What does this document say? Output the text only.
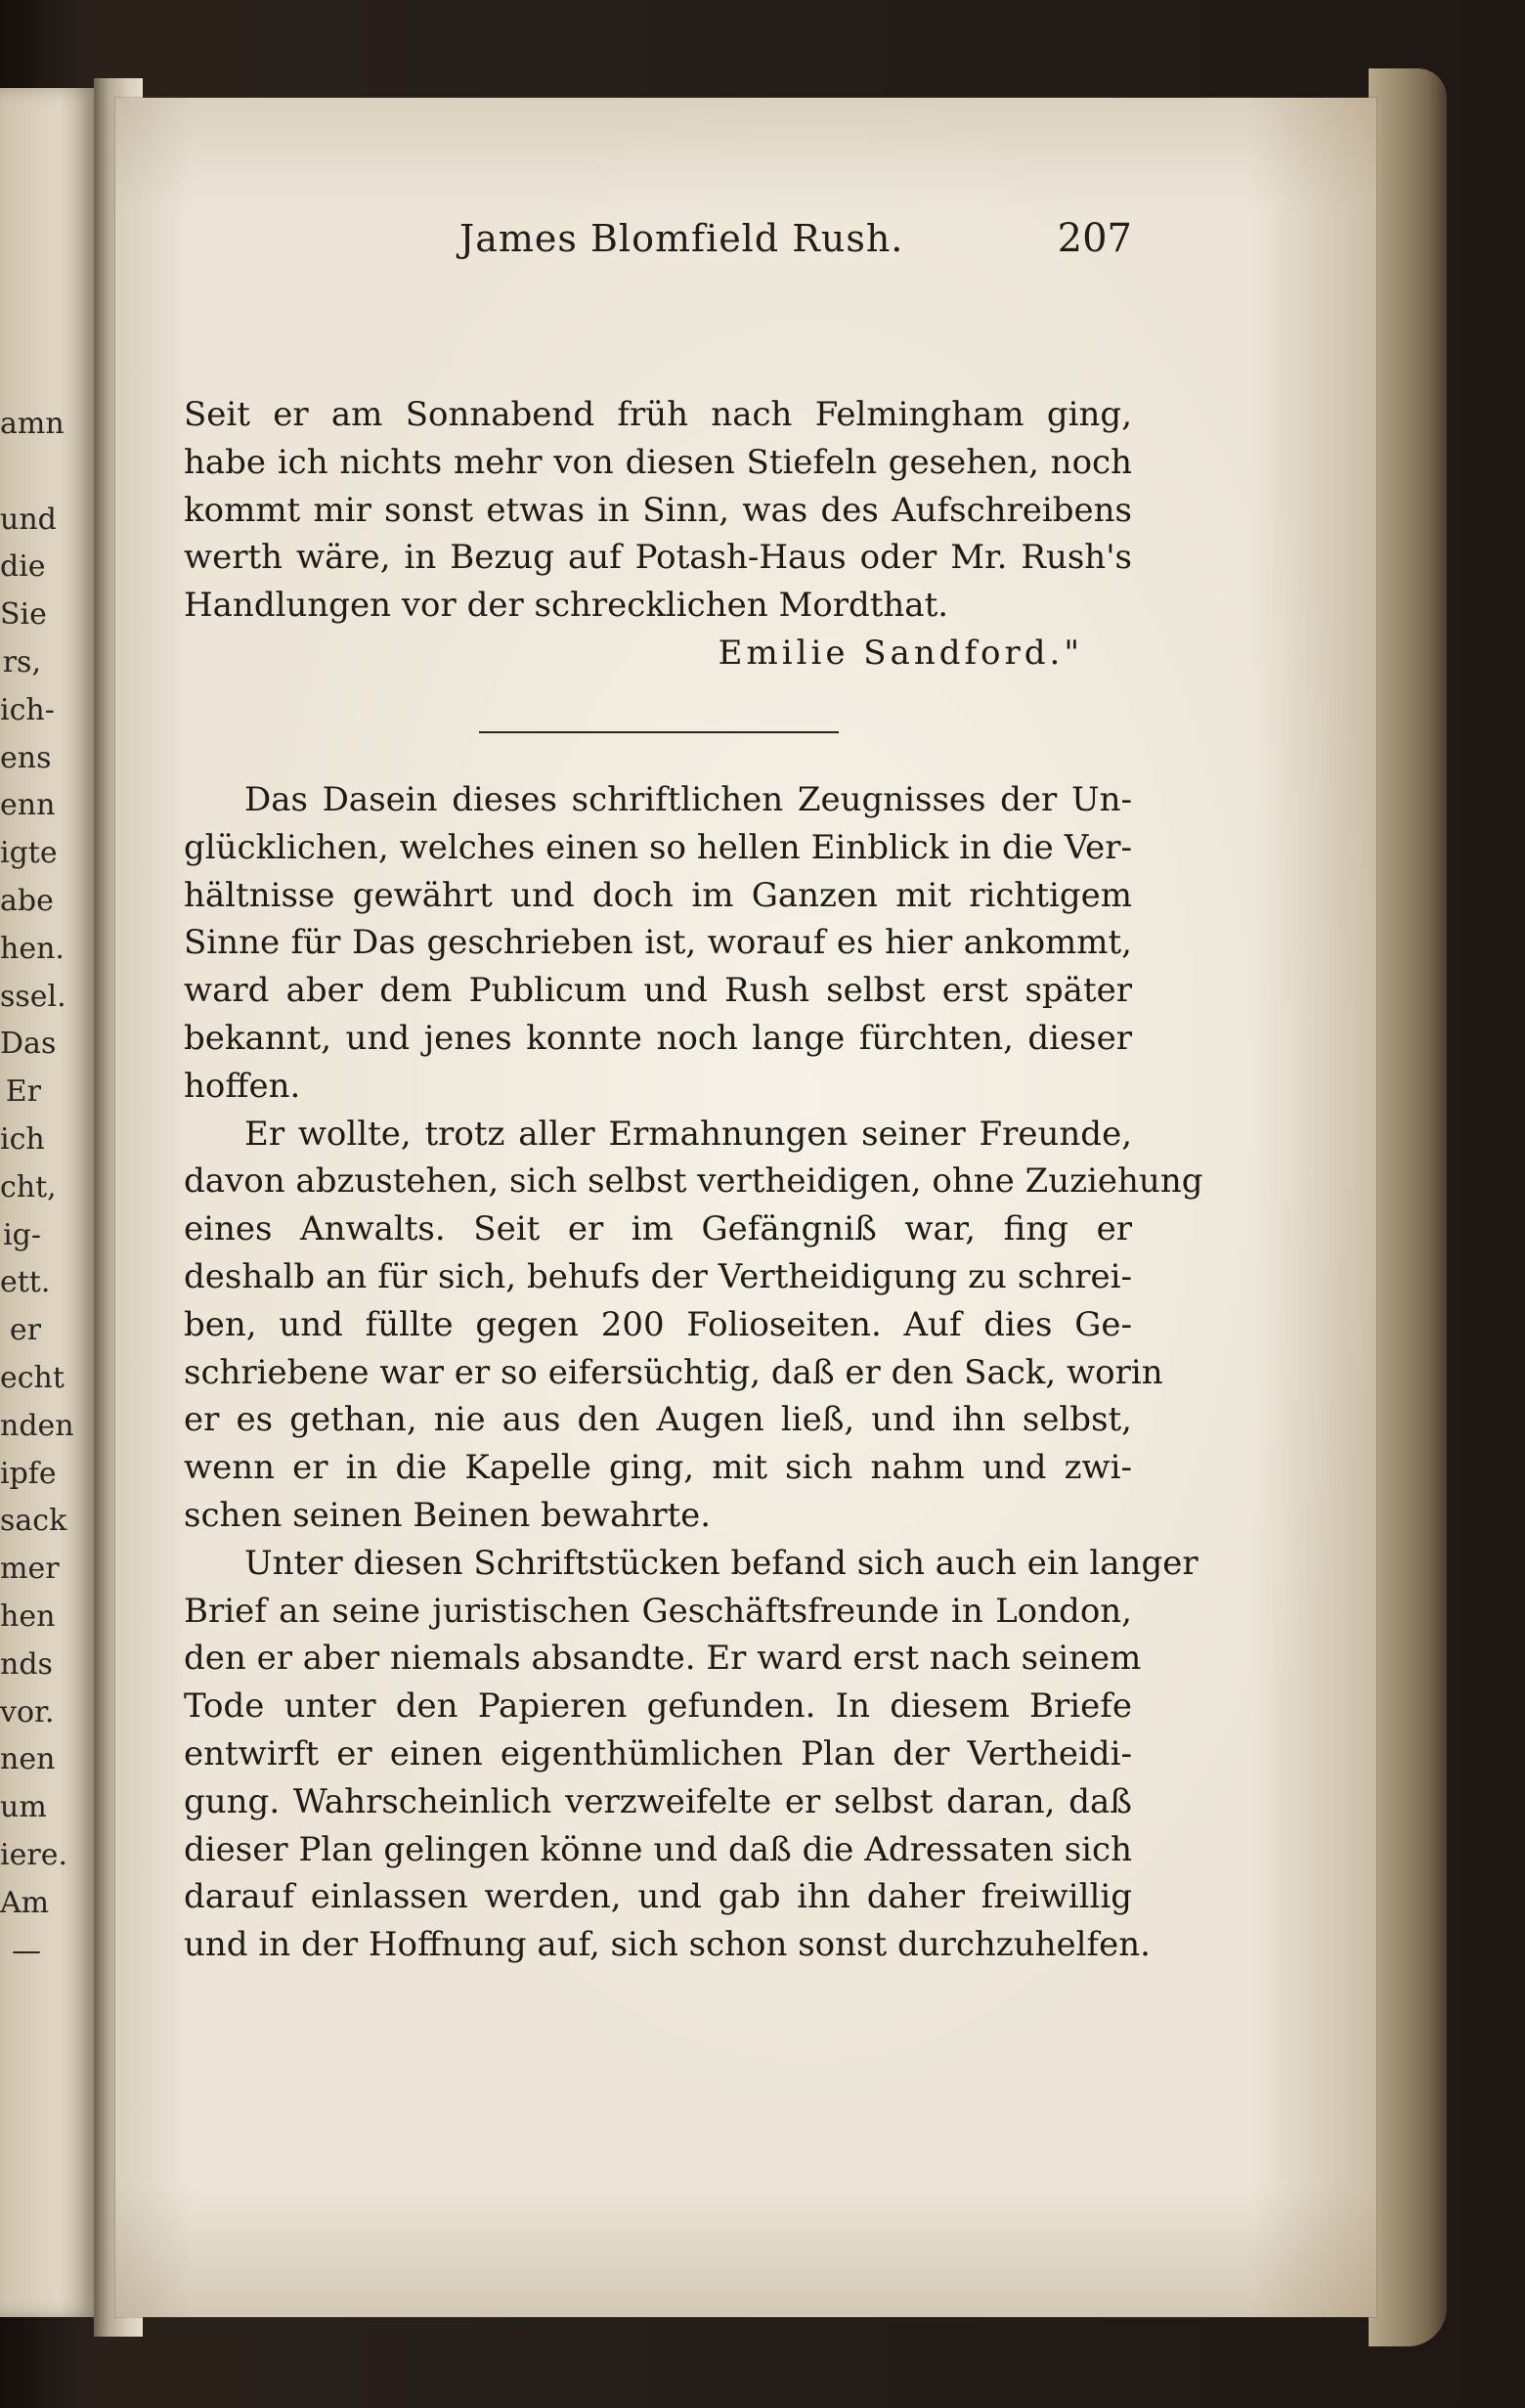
amn
und
die
Sie
rs,
ich-
ens
enn
igte
abe
hen.
ssel.
Das
Er
ich
cht,
ig-
ett.
er
echt
nden
ipfe
sack
mer
hen
nds
vor.
nen
um
iere.
Am
—
James Blomfield Rush.	207
Seit er am Sonnabend früh nach Felmingham ging,
habe ich nichts mehr von diesen Stiefeln gesehen, noch
kommt mir sonst etwas in Sinn, was des Aufschreibens
werth wäre, in Bezug auf Potash-Haus oder Mr. Rush's
Handlungen vor der schrecklichen Mordthat.
Emilie Sandford."
Das Dasein dieses schriftlichen Zeugnisses der Un-
glücklichen, welches einen so hellen Einblick in die Ver-
hältnisse gewährt und doch im Ganzen mit richtigem
Sinne für Das geschrieben ist, worauf es hier ankommt,
ward aber dem Publicum und Rush selbst erst später
bekannt, und jenes konnte noch lange fürchten, dieser
hoffen.
Er wollte, trotz aller Ermahnungen seiner Freunde,
davon abzustehen, sich selbst vertheidigen, ohne Zuziehung
eines Anwalts. Seit er im Gefängniß war, fing er
deshalb an für sich, behufs der Vertheidigung zu schrei-
ben, und füllte gegen 200 Folioseiten. Auf dies Ge-
schriebene war er so eifersüchtig, daß er den Sack, worin
er es gethan, nie aus den Augen ließ, und ihn selbst,
wenn er in die Kapelle ging, mit sich nahm und zwi-
schen seinen Beinen bewahrte.
Unter diesen Schriftstücken befand sich auch ein langer
Brief an seine juristischen Geschäftsfreunde in London,
den er aber niemals absandte. Er ward erst nach seinem
Tode unter den Papieren gefunden. In diesem Briefe
entwirft er einen eigenthümlichen Plan der Vertheidi-
gung. Wahrscheinlich verzweifelte er selbst daran, daß
dieser Plan gelingen könne und daß die Adressaten sich
darauf einlassen werden, und gab ihn daher freiwillig
und in der Hoffnung auf, sich schon sonst durchzuhelfen.
